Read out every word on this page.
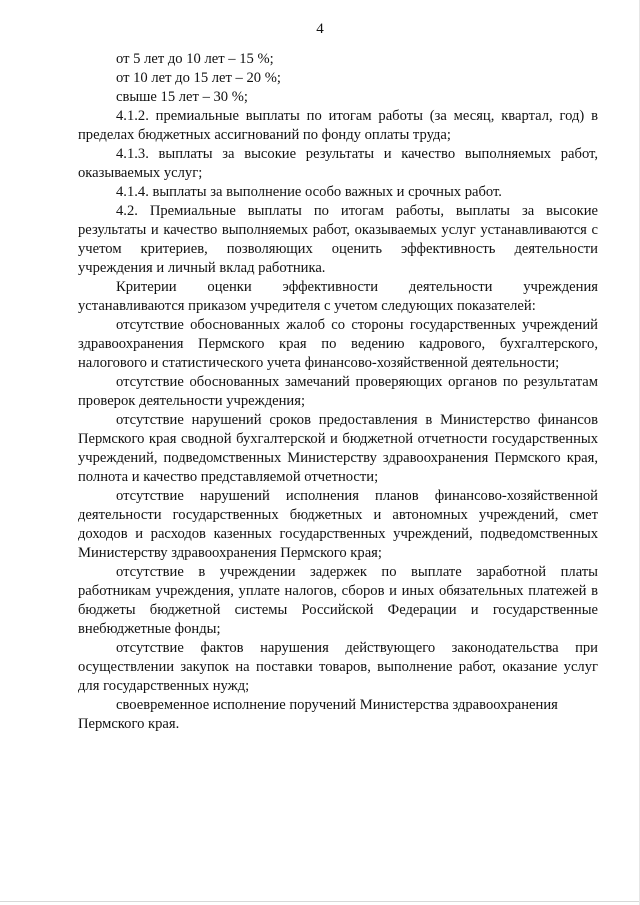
4

от 5 лет до 10 лет – 15 %;

от 10 лет до 15 лет – 20 %;

свыше 15 лет – 30 %;

4.1.2. премиальные выплаты по итогам работы (за месяц, квартал, год) в пределах бюджетных ассигнований по фонду оплаты труда;

4.1.3. выплаты за высокие результаты и качество выполняемых работ, оказываемых услуг;

4.1.4. выплаты за выполнение особо важных и срочных работ.

4.2. Премиальные выплаты по итогам работы, выплаты за высокие результаты и качество выполняемых работ, оказываемых услуг устанавливаются с учетом критериев, позволяющих оценить эффективность деятельности учреждения и личный вклад работника.

Критерии оценки эффективности деятельности учреждения устанавливаются приказом учредителя с учетом следующих показателей:

отсутствие обоснованных жалоб со стороны государственных учреждений здравоохранения Пермского края по ведению кадрового, бухгалтерского, налогового и статистического учета финансово-хозяйственной деятельности;

отсутствие обоснованных замечаний проверяющих органов по результатам проверок деятельности учреждения;

отсутствие нарушений сроков предоставления в Министерство финансов Пермского края сводной бухгалтерской и бюджетной отчетности государственных учреждений, подведомственных Министерству здравоохранения Пермского края, полнота и качество представляемой отчетности;

отсутствие нарушений исполнения планов финансово-хозяйственной деятельности государственных бюджетных и автономных учреждений, смет доходов и расходов казенных государственных учреждений, подведомственных Министерству здравоохранения Пермского края;

отсутствие в учреждении задержек по выплате заработной платы работникам учреждения, уплате налогов, сборов и иных обязательных платежей в бюджеты бюджетной системы Российской Федерации и государственные внебюджетные фонды;

отсутствие фактов нарушения действующего законодательства при осуществлении закупок на поставки товаров, выполнение работ, оказание услуг для государственных нужд;

своевременное исполнение поручений Министерства здравоохранения Пермского края.
